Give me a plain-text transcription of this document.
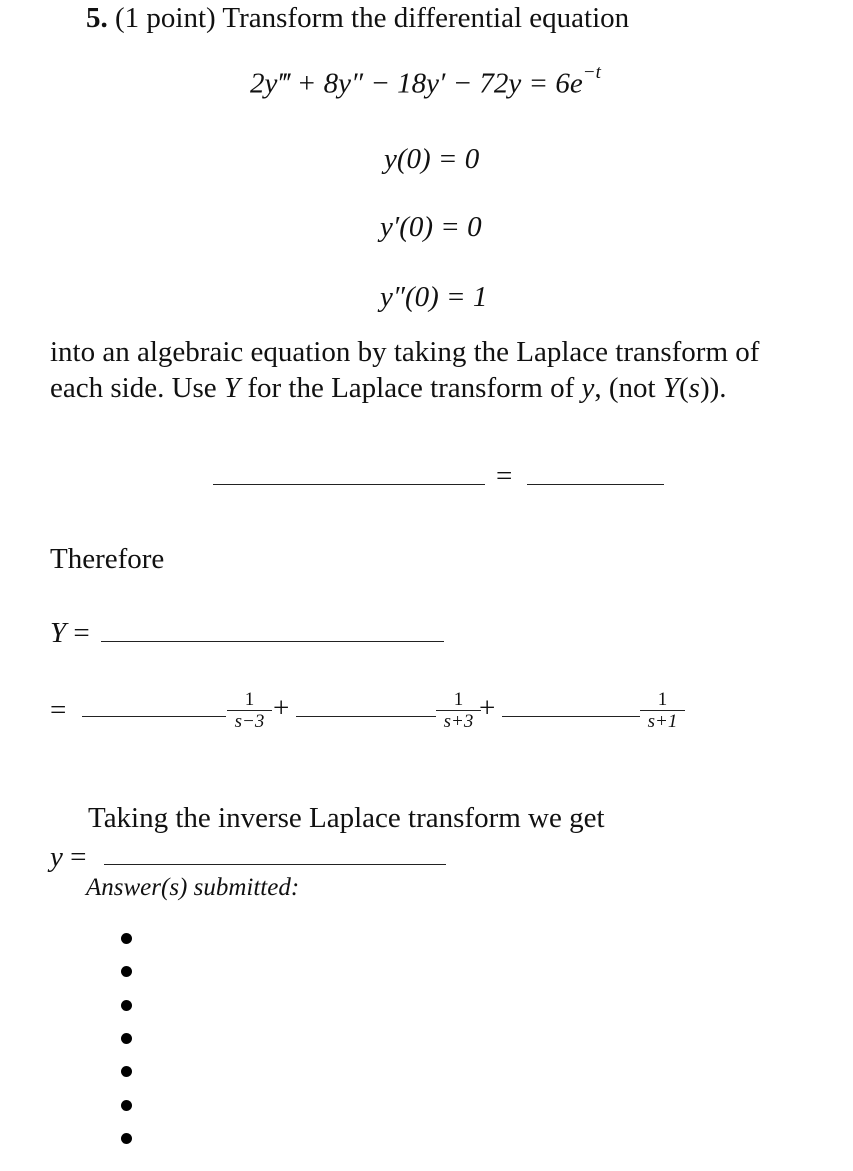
5. (1 point) Transform the differential equation
2y‴ + $8y'' - 18y' - 72y = 6e^{-t}$
y(0) = 0
y′(0) = 0
y″(0) = 1
into an algebraic equation by taking the Laplace transform of
each side. Use Y for the Laplace transform of y, (not Y(s)).
=
Therefore
Y =
=	$\frac{1}{s-3}$ +	$\frac{1}{s+3}$
+	$\frac{1}{s+1}$
Taking the inverse Laplace transform we get
y =
Answer(s) submitted:
